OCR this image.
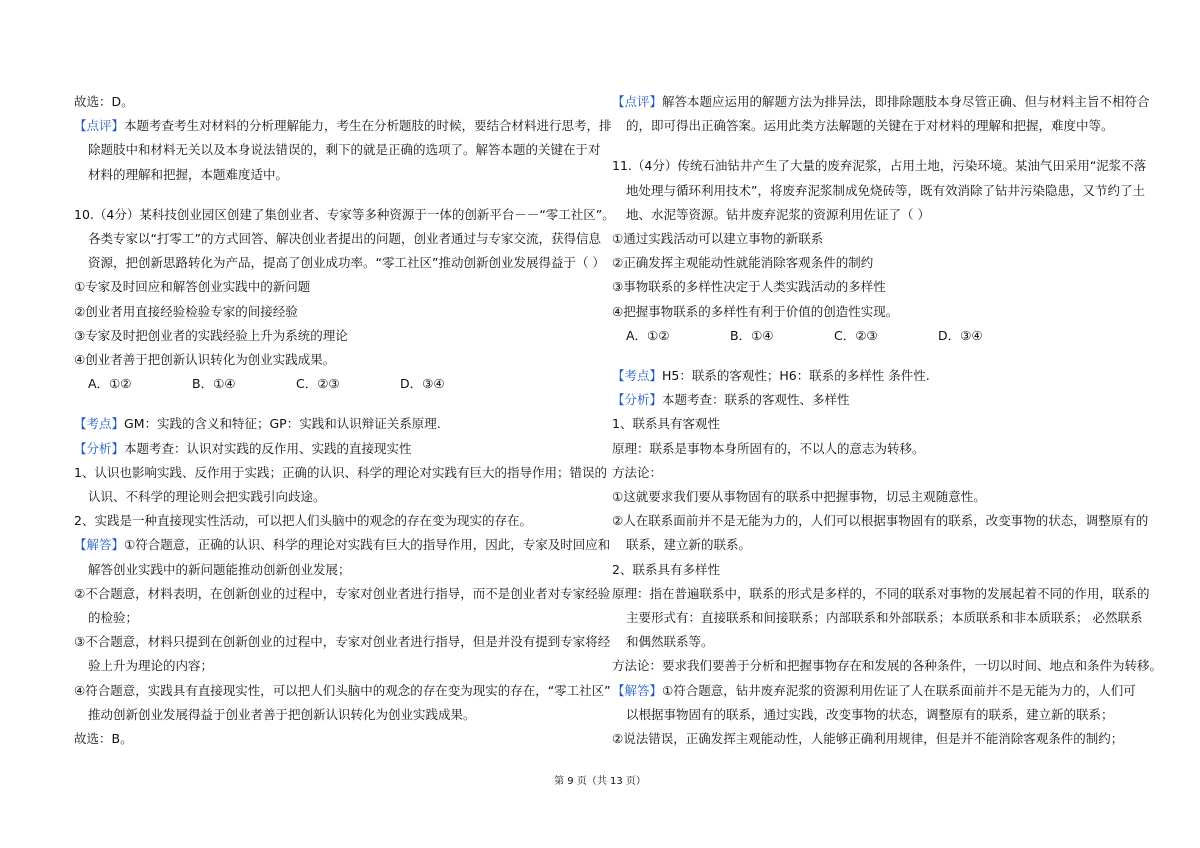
故选：D。
【点评】本题考查考生对材料的分析理解能力，考生在分析题肢的时候，要结合材料进行思考，排
除题肢中和材料无关以及本身说法错误的，剩下的就是正确的选项了。解答本题的关键在于对
材料的理解和把握，本题难度适中。
10.（4分）某科技创业园区创建了集创业者、专家等多种资源于一体的创新平台－－“零工社区”。
各类专家以“打零工”的方式回答、解决创业者提出的问题，创业者通过与专家交流，获得信息
资源，把创新思路转化为产品，提高了创业成功率。“零工社区”推动创新创业发展得益于（ ）
①专家及时回应和解答创业实践中的新问题
②创业者用直接经验检验专家的间接经验
③专家及时把创业者的实践经验上升为系统的理论
④创业者善于把创新认识转化为创业实践成果。
A．①②	B．①④	C．②③	D．③④
【考点】GM：实践的含义和特征；GP：实践和认识辩证关系原理.
【分析】本题考查：认识对实践的反作用、实践的直接现实性
1、认识也影响实践、反作用于实践；正确的认识、科学的理论对实践有巨大的指导作用；错误的
认识、不科学的理论则会把实践引向歧途。
2、实践是一种直接现实性活动，可以把人们头脑中的观念的存在变为现实的存在。
【解答】①符合题意，正确的认识、科学的理论对实践有巨大的指导作用，因此，专家及时回应和
解答创业实践中的新问题能推动创新创业发展；
②不合题意，材料表明，在创新创业的过程中，专家对创业者进行指导，而不是创业者对专家经验
的检验；
③不合题意，材料只提到在创新创业的过程中，专家对创业者进行指导，但是并没有提到专家将经
验上升为理论的内容；
④符合题意，实践具有直接现实性，可以把人们头脑中的观念的存在变为现实的存在，“零工社区”
推动创新创业发展得益于创业者善于把创新认识转化为创业实践成果。
故选：B。
【点评】解答本题应运用的解题方法为排异法，即排除题肢本身尽管正确、但与材料主旨不相符合
的，即可得出正确答案。运用此类方法解题的关键在于对材料的理解和把握，难度中等。
11.（4分）传统石油钻井产生了大量的废弃泥浆，占用土地，污染环境。某油气田采用“泥浆不落
地处理与循环利用技术”，将废弃泥浆制成免烧砖等，既有效消除了钻井污染隐患，又节约了土
地、水泥等资源。钻井废弃泥浆的资源利用佐证了（ ）
①通过实践活动可以建立事物的新联系
②正确发挥主观能动性就能消除客观条件的制约
③事物联系的多样性决定于人类实践活动的多样性
④把握事物联系的多样性有利于价值的创造性实现。
A．①②	B．①④	C．②③	D．③④
【考点】H5：联系的客观性；H6：联系的多样性 条件性.
【分析】本题考查：联系的客观性、多样性
1、联系具有客观性
原理：联系是事物本身所固有的，不以人的意志为转移。
方法论：
①这就要求我们要从事物固有的联系中把握事物，切忌主观随意性。
②人在联系面前并不是无能为力的，人们可以根据事物固有的联系，改变事物的状态，调整原有的
联系，建立新的联系。
2、联系具有多样性
原理：指在普遍联系中，联系的形式是多样的，不同的联系对事物的发展起着不同的作用，联系的
主要形式有：直接联系和间接联系；内部联系和外部联系；本质联系和非本质联系； 必然联系
和偶然联系等。
方法论：要求我们要善于分析和把握事物存在和发展的各种条件，一切以时间、地点和条件为转移。
【解答】①符合题意，钻井废弃泥浆的资源利用佐证了人在联系面前并不是无能为力的，人们可
以根据事物固有的联系，通过实践，改变事物的状态，调整原有的联系，建立新的联系；
②说法错误，正确发挥主观能动性，人能够正确利用规律，但是并不能消除客观条件的制约；
第 9 页（共 13 页）
